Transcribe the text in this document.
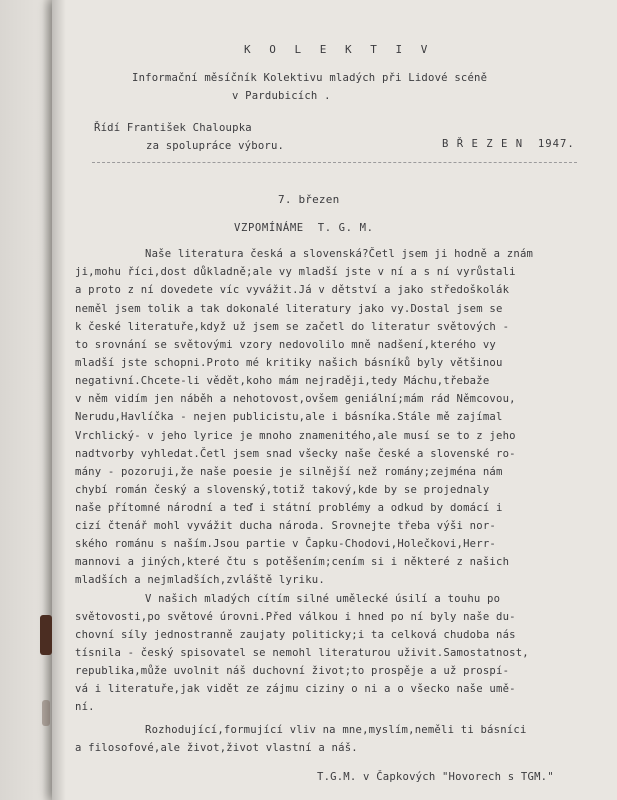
K O L E K T I V
Informační měsíčník Kolektivu mladých při Lidové scéně
v Pardubicích .
Řídí František Chaloupka
za spolupráce výboru.	B Ř E Z E N  1947.
7. březen
VZPOMÍNÁME  T. G. M.
Naše literatura česká a slovenská?Četl jsem ji hodně a znám
ji,mohu říci,dost důkladně;ale vy mladší jste v ní a s ní vyrůstali
a proto z ní dovedete víc vyvážit.Já v dětství a jako středoškolák
neměl jsem tolik a tak dokonalé literatury jako vy.Dostal jsem se
k české literatuře,když už jsem se začetl do literatur světových -
to srovnání se světovými vzory nedovolilo mně nadšení,kterého vy
mladší jste schopni.Proto mé kritiky našich básníků byly většinou
negativní.Chcete-li vědět,koho mám nejraději,tedy Máchu,třebaže
v něm vidím jen náběh a nehotovost,ovšem geniální;mám rád Němcovou,
Nerudu,Havlíčka - nejen publicistu,ale i básníka.Stále mě zajímal
Vrchlický- v jeho lyrice je mnoho znamenitého,ale musí se to z jeho
nadtvorby vyhledat.Četl jsem snad všecky naše české a slovenské ro-
mány - pozoruji,že naše poesie je silnější než romány;zejména nám
chybí román český a slovenský,totiž takový,kde by se projednaly
naše přítomné národní a teď i státní problémy a odkud by domácí i
cizí čtenář mohl vyvážit ducha národa. Srovnejte třeba výši nor-
ského románu s naším.Jsou partie v Čapku-Chodovi,Holečkovi,Herr-
mannovi a jiných,které čtu s potěšením;cením si i některé z našich
mladších a nejmladších,zvláště lyriku.
V našich mladých cítím silné umělecké úsilí a touhu po
světovosti,po světové úrovni.Před válkou i hned po ní byly naše du-
chovní síly jednostranně zaujaty politicky;i ta celková chudoba nás
tísnila - český spisovatel se nemohl literaturou uživit.Samostatnost,
republika,může uvolnit náš duchovní život;to prospěje a už prospí-
vá i literatuře,jak vidět ze zájmu ciziny o ni a o všecko naše umě-
ní.
Rozhodující,formující vliv na mne,myslím,neměli ti básníci
a filosofové,ale život,život vlastní a náš.
T.G.M. v Čapkových "Hovorech s TGM."
